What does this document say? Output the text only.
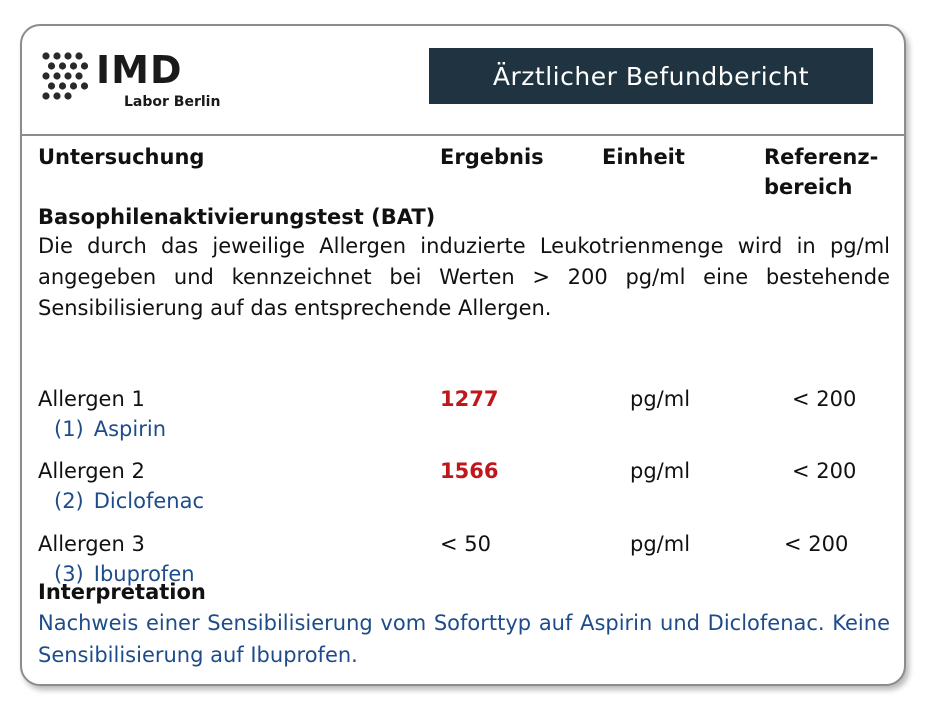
IMD
Labor Berlin
Ärztlicher Befundbericht
Untersuchung	Ergebnis	Einheit	Referenz-
bereich
Basophilenaktivierungstest (BAT)
Die durch das jeweilige Allergen induzierte Leukotrienmenge wird in pg/ml angegeben und kennzeichnet bei Werten > 200 pg/ml eine bestehende Sensibilisierung auf das entsprechende Allergen.
Allergen 1	1277	pg/ml	< 200
(1) Aspirin
Allergen 2	1566	pg/ml	< 200
(2) Diclofenac
Allergen 3	< 50	pg/ml	< 200
(3) Ibuprofen
Interpretation
Nachweis einer Sensibilisierung vom Soforttyp auf Aspirin und Diclofenac. Keine Sensibilisierung auf Ibuprofen.
